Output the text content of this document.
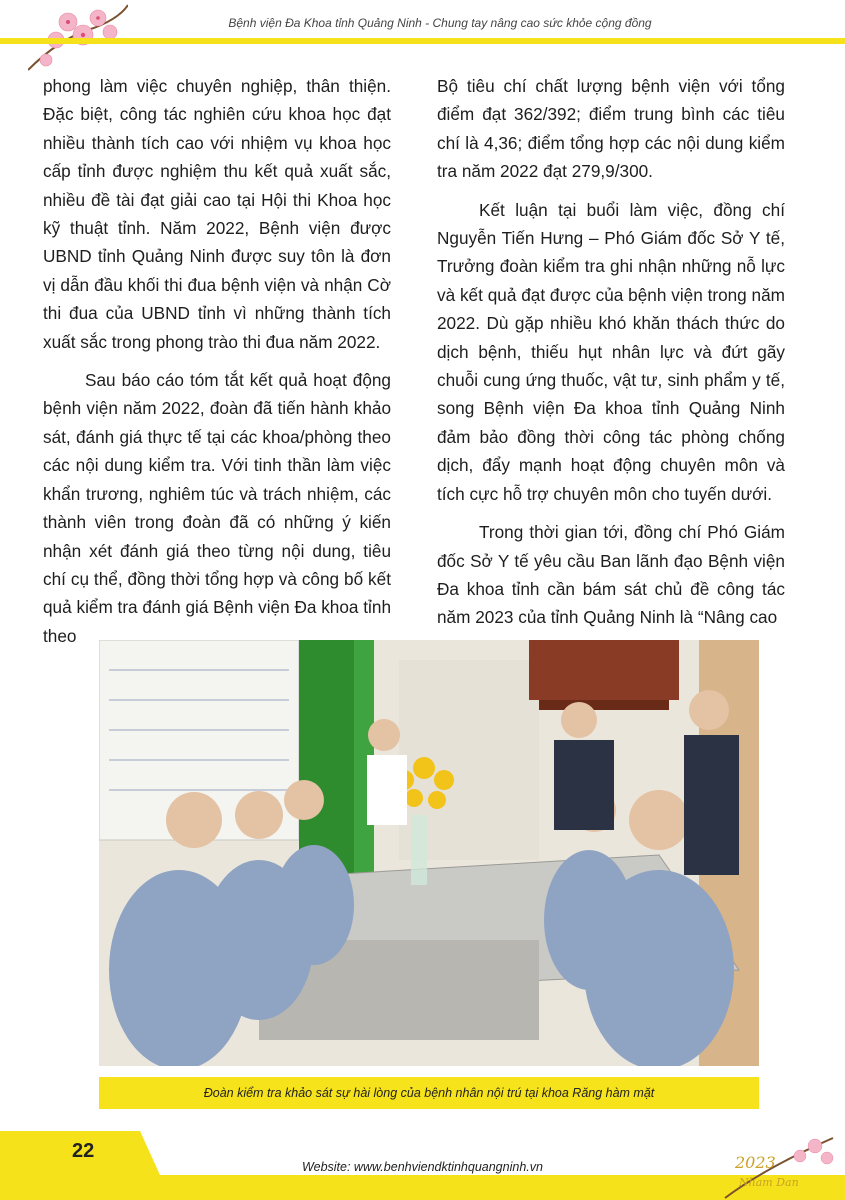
Bệnh viện Đa Khoa tỉnh Quảng Ninh - Chung tay nâng cao sức khỏe cộng đồng

phong làm việc chuyên nghiệp, thân thiện. Đặc biệt, công tác nghiên cứu khoa học đạt nhiều thành tích cao với nhiệm vụ khoa học cấp tỉnh được nghiệm thu kết quả xuất sắc, nhiều đề tài đạt giải cao tại Hội thi Khoa học kỹ thuật tỉnh. Năm 2022, Bệnh viện được UBND tỉnh Quảng Ninh được suy tôn là đơn vị dẫn đầu khối thi đua bệnh viện và nhận Cờ thi đua của UBND tỉnh vì những thành tích xuất sắc trong phong trào thi đua năm 2022.

Sau báo cáo tóm tắt kết quả hoạt động bệnh viện năm 2022, đoàn đã tiến hành khảo sát, đánh giá thực tế tại các khoa/phòng theo các nội dung kiểm tra. Với tinh thần làm việc khẩn trương, nghiêm túc và trách nhiệm, các thành viên trong đoàn đã có những ý kiến nhận xét đánh giá theo từng nội dung, tiêu chí cụ thể, đồng thời tổng hợp và công bố kết quả kiểm tra đánh giá Bệnh viện Đa khoa tỉnh theo

Bộ tiêu chí chất lượng bệnh viện với tổng điểm đạt 362/392; điểm trung bình các tiêu chí là 4,36; điểm tổng hợp các nội dung kiểm tra năm 2022 đạt 279,9/300.

Kết luận tại buổi làm việc, đồng chí Nguyễn Tiến Hưng – Phó Giám đốc Sở Y tế, Trưởng đoàn kiểm tra ghi nhận những nỗ lực và kết quả đạt được của bệnh viện trong năm 2022. Dù gặp nhiều khó khăn thách thức do dịch bệnh, thiếu hụt nhân lực và đứt gãy chuỗi cung ứng thuốc, vật tư, sinh phẩm y tế, song Bệnh viện Đa khoa tỉnh Quảng Ninh đảm bảo đồng thời công tác phòng chống dịch, đẩy mạnh hoạt động chuyên môn và tích cực hỗ trợ chuyên môn cho tuyến dưới.

Trong thời gian tới, đồng chí Phó Giám đốc Sở Y tế yêu cầu Ban lãnh đạo Bệnh viện Đa khoa tỉnh cần bám sát chủ đề công tác năm 2023 của tỉnh Quảng Ninh là “Nâng cao

Đoàn kiểm tra khảo sát sự hài lòng của bệnh nhân nội trú tại khoa Răng hàm mặt
22
Website: www.benhviendktinhquangninh.vn	2023
Nham Dan
